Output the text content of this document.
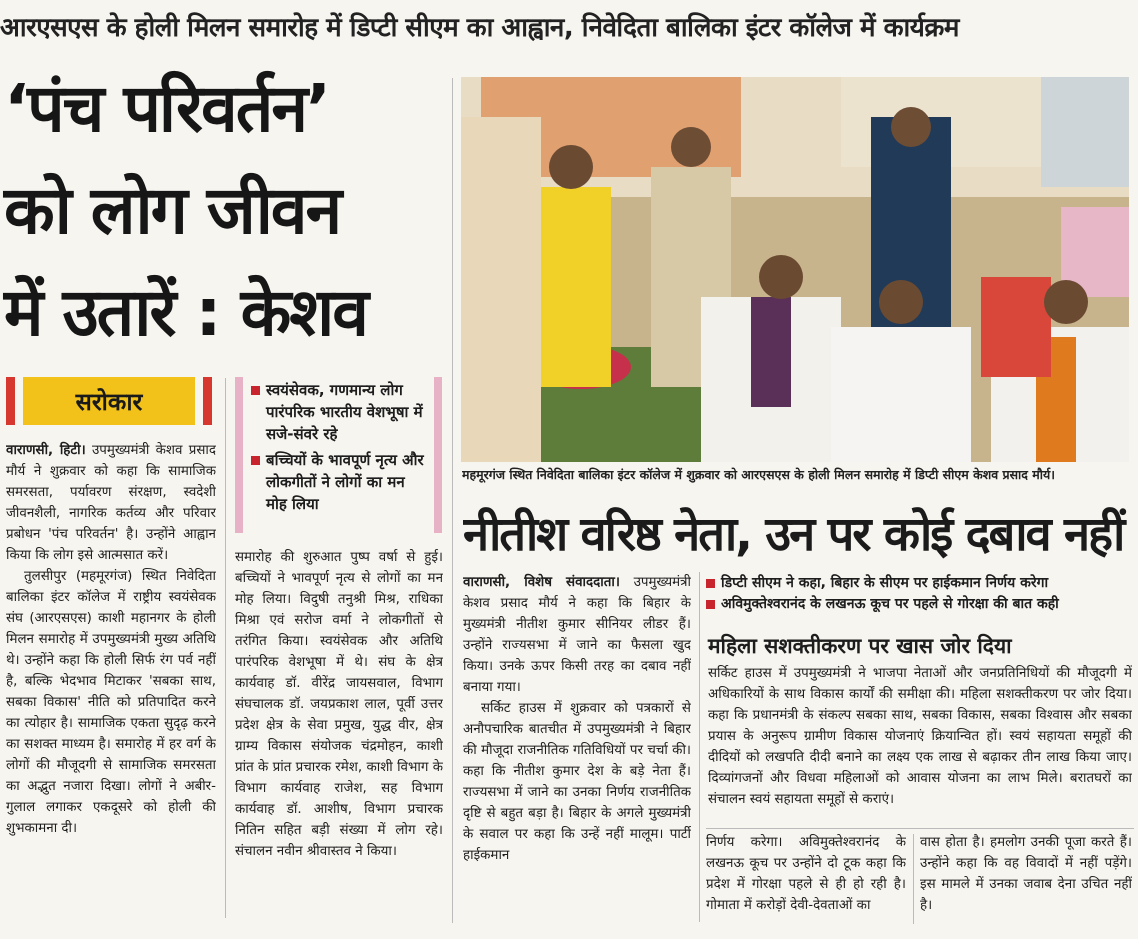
आरएसएस के होली मिलन समारोह में डिप्टी सीएम का आह्वान, निवेदिता बालिका इंटर कॉलेज में कार्यक्रम
‘पंच परिवर्तन’
को लोग जीवन
में उतारें : केशव
महमूरगंज स्थित निवेदिता बालिका इंटर कॉलेज में शुक्रवार को आरएसएस के होली मिलन समारोह में डिप्टी सीएम केशव प्रसाद मौर्य।
सरोकार	स्वयंसेवक, गणमान्य लोग पारंपरिक भारतीय वेशभूषा में सजे-संवरे रहे
बच्चियों के भावपूर्ण नृत्य और लोकगीतों ने लोगों का मन मोह लिया

वाराणसी, हिटी। उपमुख्यमंत्री केशव प्रसाद मौर्य ने शुक्रवार को कहा कि सामाजिक समरसता, पर्यावरण संरक्षण, स्वदेशी जीवनशैली, नागरिक कर्तव्य और परिवार प्रबोधन 'पंच परिवर्तन' है। उन्होंने आह्वान किया कि लोग इसे आत्मसात करें।

तुलसीपुर (महमूरगंज) स्थित निवेदिता बालिका इंटर कॉलेज में राष्ट्रीय स्वयंसेवक संघ (आरएसएस) काशी महानगर के होली मिलन समारोह में उपमुख्यमंत्री मुख्य अतिथि थे। उन्होंने कहा कि होली सिर्फ रंग पर्व नहीं है, बल्कि भेदभाव मिटाकर 'सबका साथ, सबका विकास' नीति को प्रतिपादित करने का त्योहार है। सामाजिक एकता सुदृढ़ करने का सशक्त माध्यम है। समारोह में हर वर्ग के लोगों की मौजूदगी से सामाजिक समरसता का अद्भुत नजारा दिखा। लोगों ने अबीर-गुलाल लगाकर एकदूसरे को होली की शुभकामना दी।

समारोह की शुरुआत पुष्प वर्षा से हुई। बच्चियों ने भावपूर्ण नृत्य से लोगों का मन मोह लिया। विदुषी तनुश्री मिश्र, राधिका मिश्रा एवं सरोज वर्मा ने लोकगीतों से तरंगित किया। स्वयंसेवक और अतिथि पारंपरिक वेशभूषा में थे। संघ के क्षेत्र कार्यवाह डॉ. वीरेंद्र जायसवाल, विभाग संघचालक डॉ. जयप्रकाश लाल, पूर्वी उत्तर प्रदेश क्षेत्र के सेवा प्रमुख, युद्ध वीर, क्षेत्र ग्राम्य विकास संयोजक चंद्रमोहन, काशी प्रांत के प्रांत प्रचारक रमेश, काशी विभाग के विभाग कार्यवाह राजेश, सह विभाग कार्यवाह डॉ. आशीष, विभाग प्रचारक नितिन सहित बड़ी संख्या में लोग रहे। संचालन नवीन श्रीवास्तव ने किया।

नीतीश वरिष्ठ नेता, उन पर कोई दबाव नहीं

वाराणसी, विशेष संवाददाता। उपमुख्यमंत्री केशव प्रसाद मौर्य ने कहा कि बिहार के मुख्यमंत्री नीतीश कुमार सीनियर लीडर हैं। उन्होंने राज्यसभा में जाने का फैसला खुद किया। उनके ऊपर किसी तरह का दबाव नहीं बनाया गया।

सर्किट हाउस में शुक्रवार को पत्रकारों से अनौपचारिक बातचीत में उपमुख्यमंत्री ने बिहार की मौजूदा राजनीतिक गतिविधियों पर चर्चा की। कहा कि नीतीश कुमार देश के बड़े नेता हैं। राज्यसभा में जाने का उनका निर्णय राजनीतिक दृष्टि से बहुत बड़ा है। बिहार के अगले मुख्यमंत्री के सवाल पर कहा कि उन्हें नहीं मालूम। पार्टी हाईकमान

डिप्टी सीएम ने कहा, बिहार के सीएम पर हाईकमान निर्णय करेगा
अविमुक्तेश्वरानंद के लखनऊ कूच पर पहले से गोरक्षा की बात कही
महिला सशक्तीकरण पर खास जोर दिया

सर्किट हाउस में उपमुख्यमंत्री ने भाजपा नेताओं और जनप्रतिनिधियों की मौजूदगी में अधिकारियों के साथ विकास कार्यों की समीक्षा की। महिला सशक्तीकरण पर जोर दिया। कहा कि प्रधानमंत्री के संकल्प सबका साथ, सबका विकास, सबका विश्वास और सबका प्रयास के अनुरूप ग्रामीण विकास योजनाएं क्रियान्वित हों। स्वयं सहायता समूहों की दीदियों को लखपति दीदी बनाने का लक्ष्य एक लाख से बढ़ाकर तीन लाख किया जाए। दिव्यांगजनों और विधवा महिलाओं को आवास योजना का लाभ मिले। बरातघरों का संचालन स्वयं सहायता समूहों से कराएं।

निर्णय करेगा। अविमुक्तेश्वरानंद के लखनऊ कूच पर उन्होंने दो टूक कहा कि प्रदेश में गोरक्षा पहले से ही हो रही है। गोमाता में करोड़ों देवी-देवताओं का

वास होता है। हमलोग उनकी पूजा करते हैं। उन्होंने कहा कि वह विवादों में नहीं पड़ेंगे। इस मामले में उनका जवाब देना उचित नहीं है।
